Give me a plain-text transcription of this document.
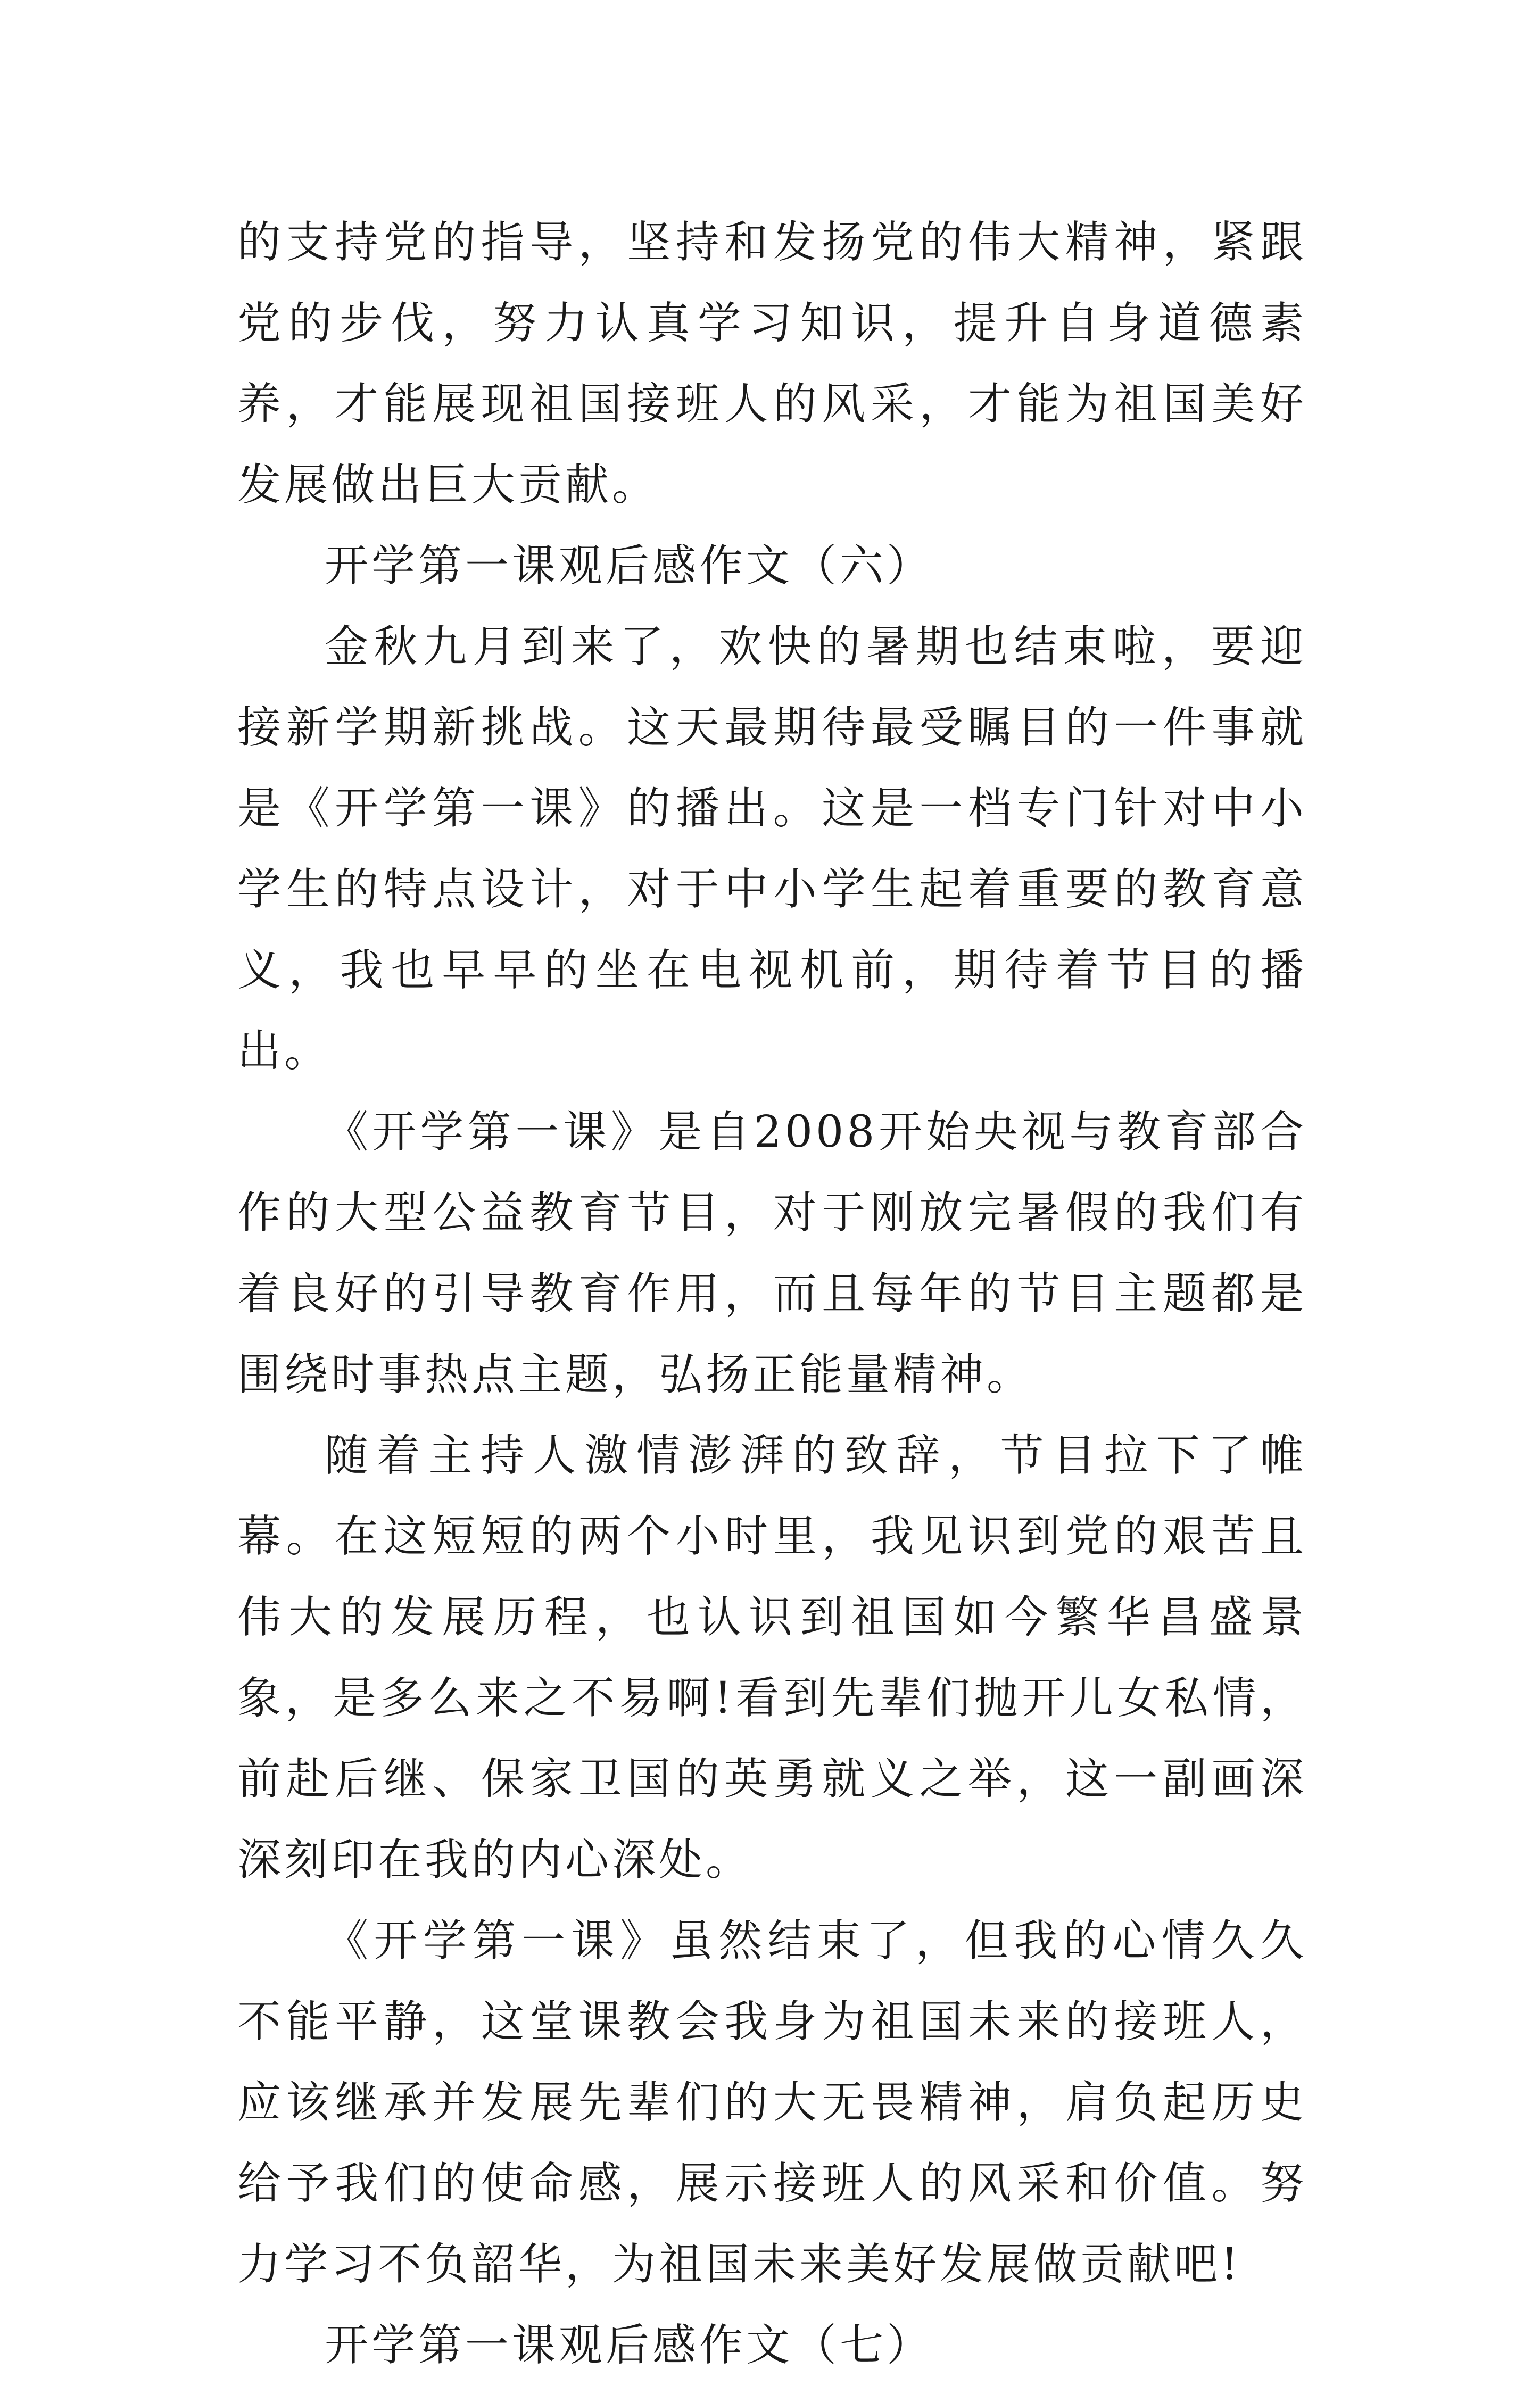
的支持党的指导，坚持和发扬党的伟大精神，紧跟党的步伐，努力认真学习知识，提升自身道德素养，才能展现祖国接班人的风采，才能为祖国美好发展做出巨大贡献。

开学第一课观后感作文（六）

金秋九月到来了，欢快的暑期也结束啦，要迎接新学期新挑战。这天最期待最受瞩目的一件事就是《开学第一课》的播出。这是一档专门针对中小学生的特点设计，对于中小学生起着重要的教育意义，我也早早的坐在电视机前，期待着节目的播出。

《开学第一课》是自2008开始央视与教育部合作的大型公益教育节目，对于刚放完暑假的我们有着良好的引导教育作用，而且每年的节目主题都是围绕时事热点主题，弘扬正能量精神。

随着主持人激情澎湃的致辞，节目拉下了帷幕。在这短短的两个小时里，我见识到党的艰苦且伟大的发展历程，也认识到祖国如今繁华昌盛景象，是多么来之不易啊!看到先辈们抛开儿女私情，前赴后继、保家卫国的英勇就义之举，这一副画深深刻印在我的内心深处。

《开学第一课》虽然结束了，但我的心情久久不能平静，这堂课教会我身为祖国未来的接班人，应该继承并发展先辈们的大无畏精神，肩负起历史给予我们的使命感，展示接班人的风采和价值。努力学习不负韶华，为祖国未来美好发展做贡献吧!

开学第一课观后感作文（七）
